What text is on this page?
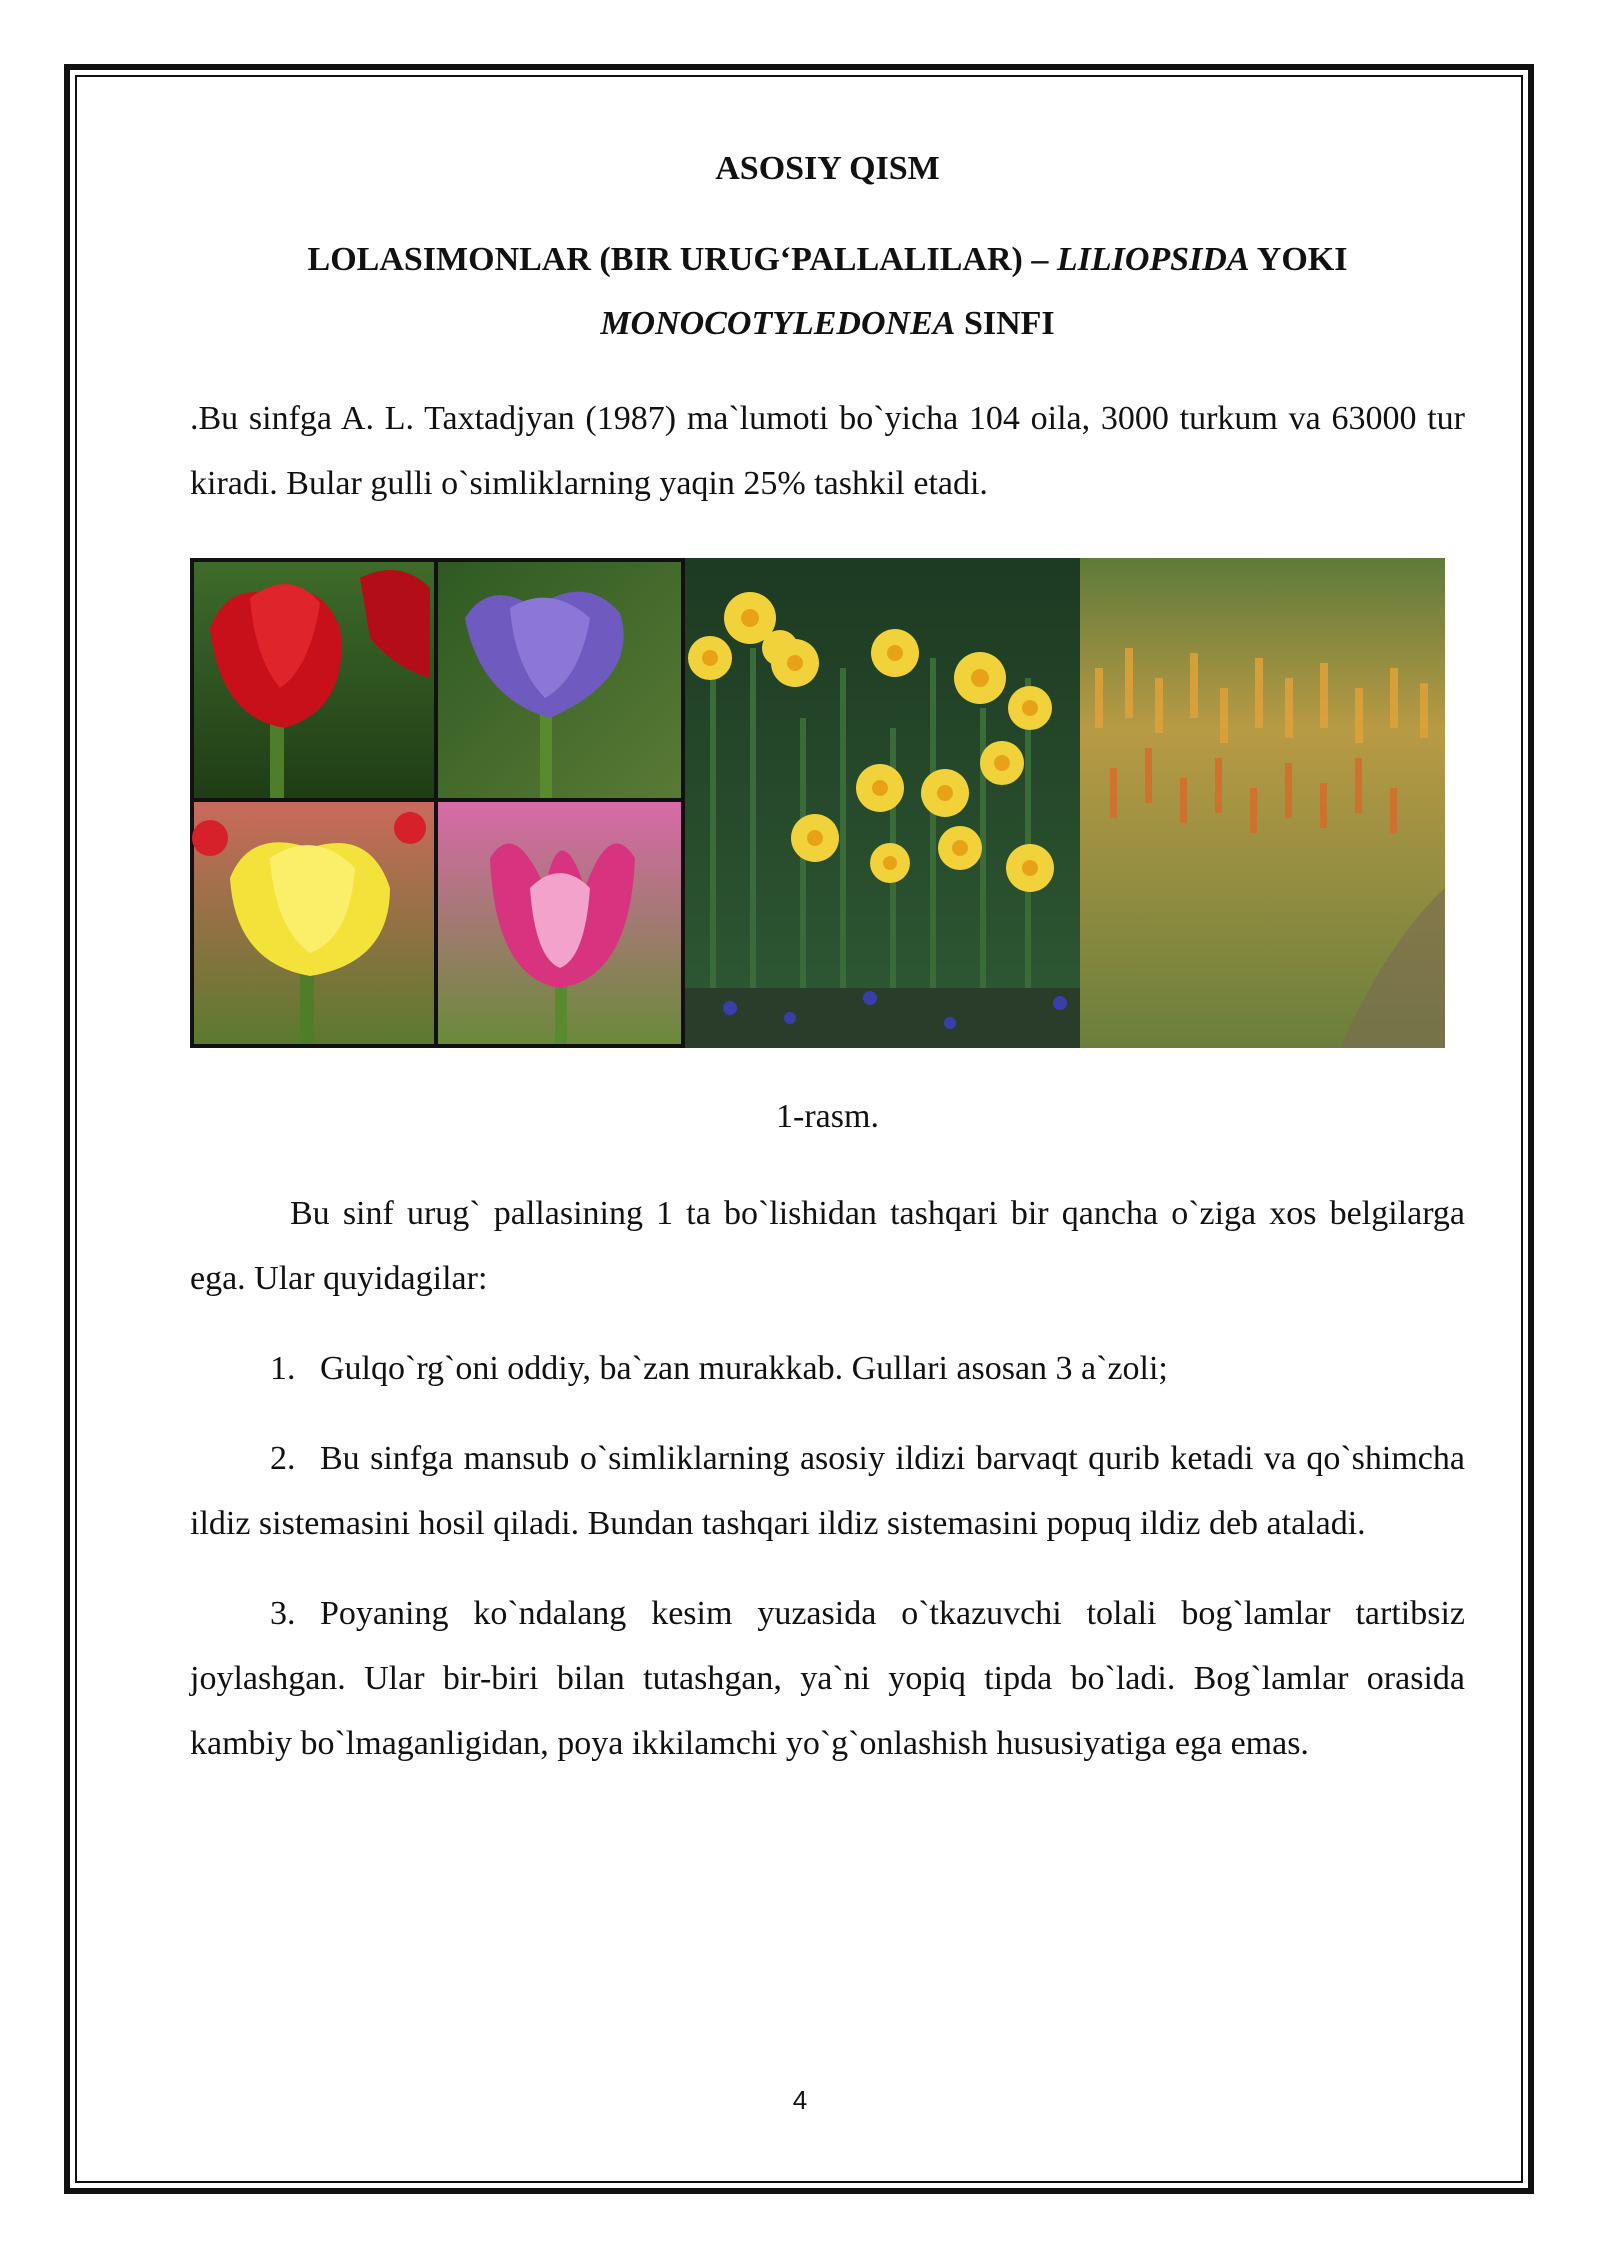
ASOSIY QISM
LOLASIMONLAR (BIR URUG‘PALLALILAR) – LILIOPSIDA YOKI
MONOCOTYLEDONEA SINFI

.Bu sinfga A. L. Taxtadjyan (1987) ma`lumoti bo`yicha 104 oila, 3000 turkum va 63000 tur kiradi. Bular gulli o`simliklarning yaqin 25% tashkil etadi.

1-rasm.

Bu sinf urug` pallasining 1 ta bo`lishidan tashqari bir qancha o`ziga xos belgilarga ega. Ular quyidagilar:

1. Gulqo`rg`oni oddiy, ba`zan murakkab. Gullari asosan 3 a`zoli;

2. Bu sinfga mansub o`simliklarning asosiy ildizi barvaqt qurib ketadi va qo`shimcha ildiz sistemasini hosil qiladi. Bundan tashqari ildiz sistemasini popuq ildiz deb ataladi.

3. Poyaning ko`ndalang kesim yuzasida o`tkazuvchi tolali bog`lamlar tartibsiz joylashgan. Ular bir-biri bilan tutashgan, ya`ni yopiq tipda bo`ladi. Bog`lamlar orasida kambiy bo`lmaganligidan, poya ikkilamchi yo`g`onlashish hususiyatiga ega emas.

4
